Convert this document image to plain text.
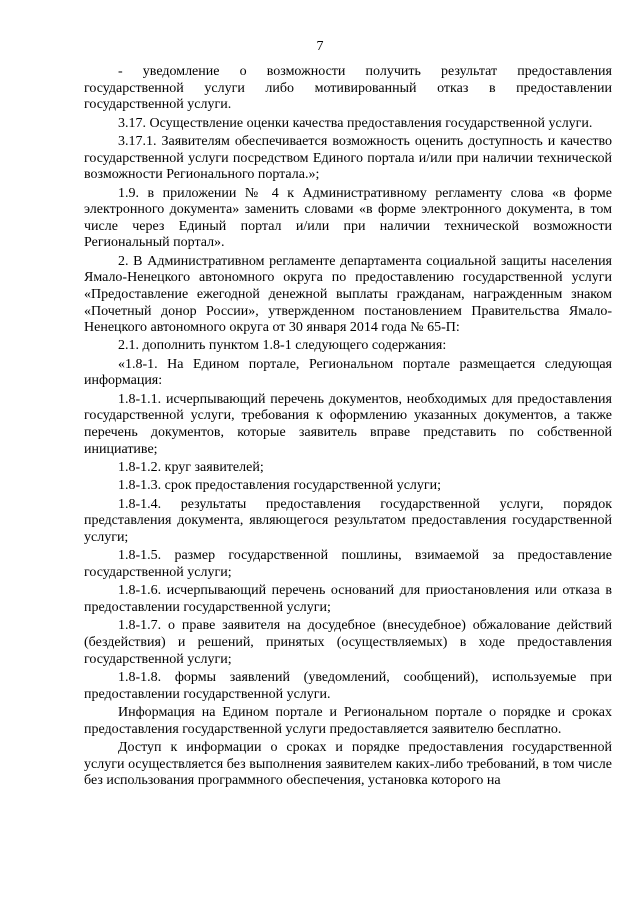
7

- уведомление о возможности получить результат предоставления государственной услуги либо мотивированный отказ в предоставлении государственной услуги.

3.17. Осуществление оценки качества предоставления государственной услуги.

3.17.1. Заявителям обеспечивается возможность оценить доступность и качество государственной услуги посредством Единого портала и/или при наличии технической возможности Регионального портала.»;

1.9. в приложении № 4 к Административному регламенту слова «в форме электронного документа» заменить словами «в форме электронного документа, в том числе через Единый портал и/или при наличии технической возможности Региональный портал».

2. В Административном регламенте департамента социальной защиты населения Ямало-Ненецкого автономного округа по предоставлению государственной услуги «Предоставление ежегодной денежной выплаты гражданам, награжденным знаком «Почетный донор России», утвержденном постановлением Правительства Ямало-Ненецкого автономного округа от 30 января 2014 года № 65-П:

2.1. дополнить пунктом 1.8-1 следующего содержания:

«1.8-1. На Едином портале, Региональном портале размещается следующая информация:

1.8-1.1. исчерпывающий перечень документов, необходимых для предоставления государственной услуги, требования к оформлению указанных документов, а также перечень документов, которые заявитель вправе представить по собственной инициативе;

1.8-1.2. круг заявителей;

1.8-1.3. срок предоставления государственной услуги;

1.8-1.4. результаты предоставления государственной услуги, порядок представления документа, являющегося результатом предоставления государственной услуги;

1.8-1.5. размер государственной пошлины, взимаемой за предоставление государственной услуги;

1.8-1.6. исчерпывающий перечень оснований для приостановления или отказа в предоставлении государственной услуги;

1.8-1.7. о праве заявителя на досудебное (внесудебное) обжалование действий (бездействия) и решений, принятых (осуществляемых) в ходе предоставления государственной услуги;

1.8-1.8. формы заявлений (уведомлений, сообщений), используемые при предоставлении государственной услуги.

Информация на Едином портале и Региональном портале о порядке и сроках предоставления государственной услуги предоставляется заявителю бесплатно.

Доступ к информации о сроках и порядке предоставления государственной услуги осуществляется без выполнения заявителем каких-либо требований, в том числе без использования программного обеспечения, установка которого на
